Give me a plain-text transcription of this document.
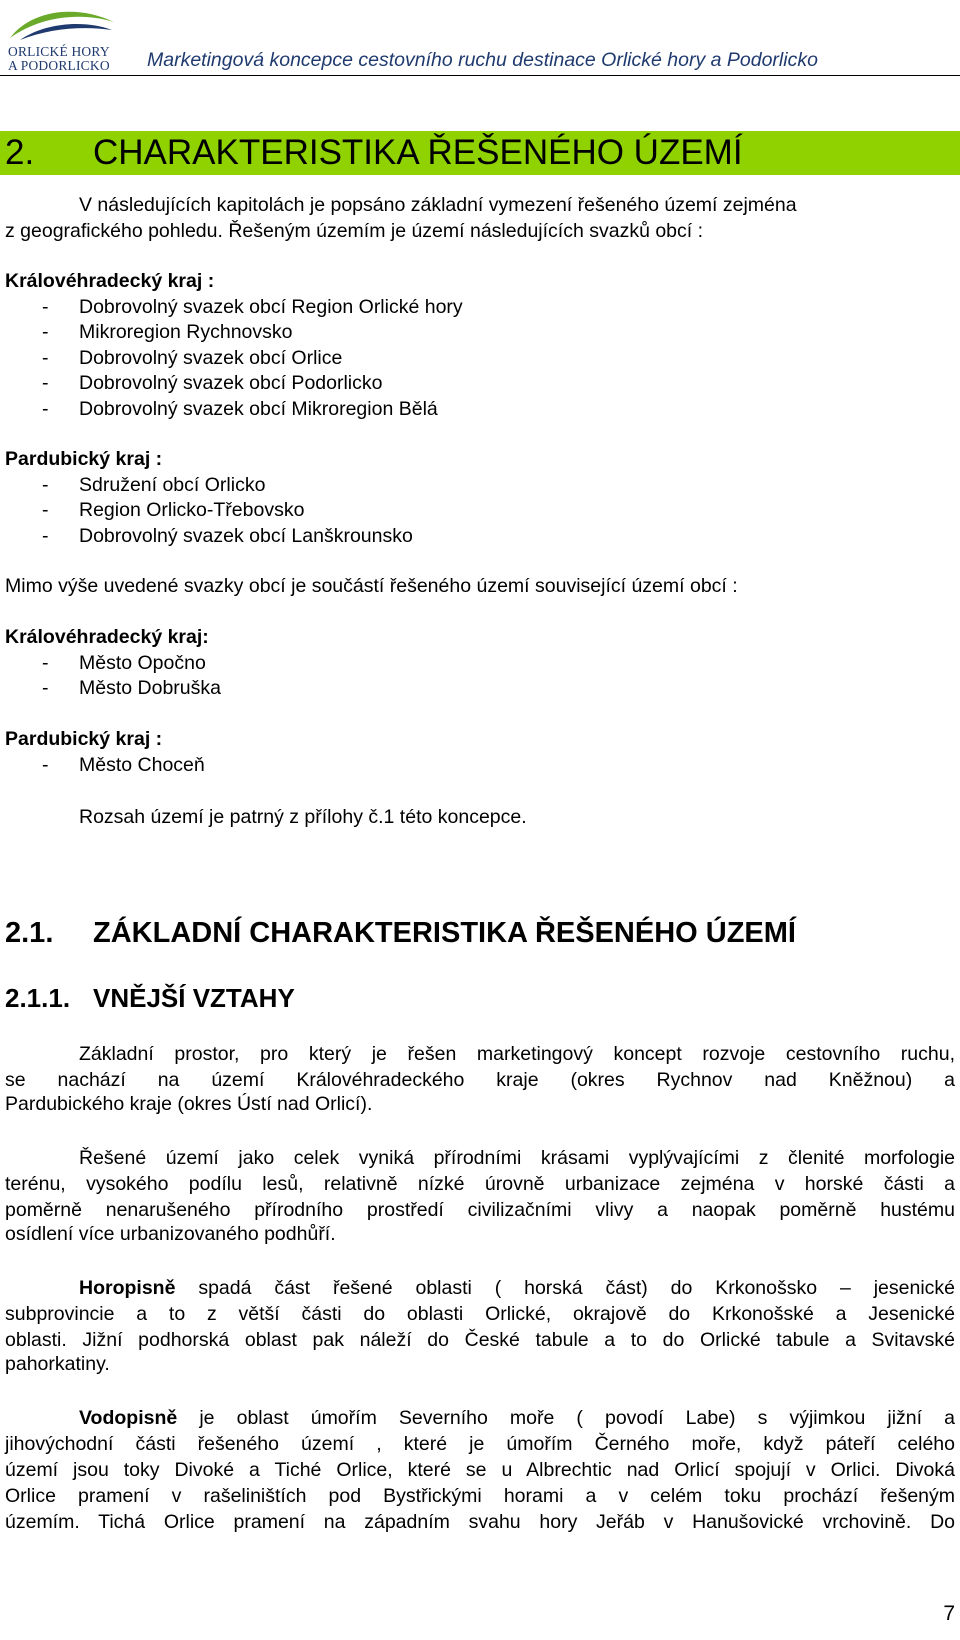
ORLICKÉ HORY
A PODORLICKO	Marketingová koncepce cestovního ruchu destinace Orlické hory a Podorlicko
2. CHARAKTERISTIKA ŘEŠENÉHO ÚZEMÍ
V následujících kapitolách je popsáno základní vymezení řešeného území zejména
z geografického pohledu. Řešeným územím je území následujících svazků obcí :
Královéhradecký kraj :
- Dobrovolný svazek obcí Region Orlické hory
- Mikroregion Rychnovsko
- Dobrovolný svazek obcí Orlice
- Dobrovolný svazek obcí Podorlicko
- Dobrovolný svazek obcí Mikroregion Bělá
Pardubický kraj :
- Sdružení obcí Orlicko
- Region Orlicko-Třebovsko
- Dobrovolný svazek obcí Lanškrounsko
Mimo výše uvedené svazky obcí je součástí řešeného území související území obcí :
Královéhradecký kraj:
- Město Opočno
- Město Dobruška
Pardubický kraj :
- Město Choceň
Rozsah území je patrný z přílohy č.1 této koncepce.
2.1. ZÁKLADNÍ CHARAKTERISTIKA ŘEŠENÉHO ÚZEMÍ
2.1.1. VNĚJŠÍ VZTAHY
Základní prostor, pro který je řešen marketingový koncept rozvoje cestovního ruchu,
se nachází na území Královéhradeckého kraje (okres Rychnov nad Kněžnou) a
Pardubického kraje (okres Ústí nad Orlicí).
Řešené území jako celek vyniká přírodními krásami vyplývajícími z členité morfologie
terénu, vysokého podílu lesů, relativně nízké úrovně urbanizace zejména v horské části a
poměrně nenarušeného přírodního prostředí civilizačními vlivy a naopak poměrně hustému
osídlení více urbanizovaného podhůří.
Horopisně spadá část řešené oblasti ( horská část) do Krkonošsko – jesenické
subprovincie a to z větší části do oblasti Orlické, okrajově do Krkonošské a Jesenické
oblasti. Jižní podhorská oblast pak náleží do České tabule a to do Orlické tabule a Svitavské
pahorkatiny.
Vodopisně je oblast úmořím Severního moře ( povodí Labe) s výjimkou jižní a
jihovýchodní části řešeného území , které je úmořím Černého moře, když páteří celého
území jsou toky Divoké a Tiché Orlice, které se u Albrechtic nad Orlicí spojují v Orlici. Divoká
Orlice pramení v rašeliništích pod Bystřickými horami a v celém toku prochází řešeným
územím. Tichá Orlice pramení na západním svahu hory Jeřáb v Hanušovické vrchovině. Do
7
